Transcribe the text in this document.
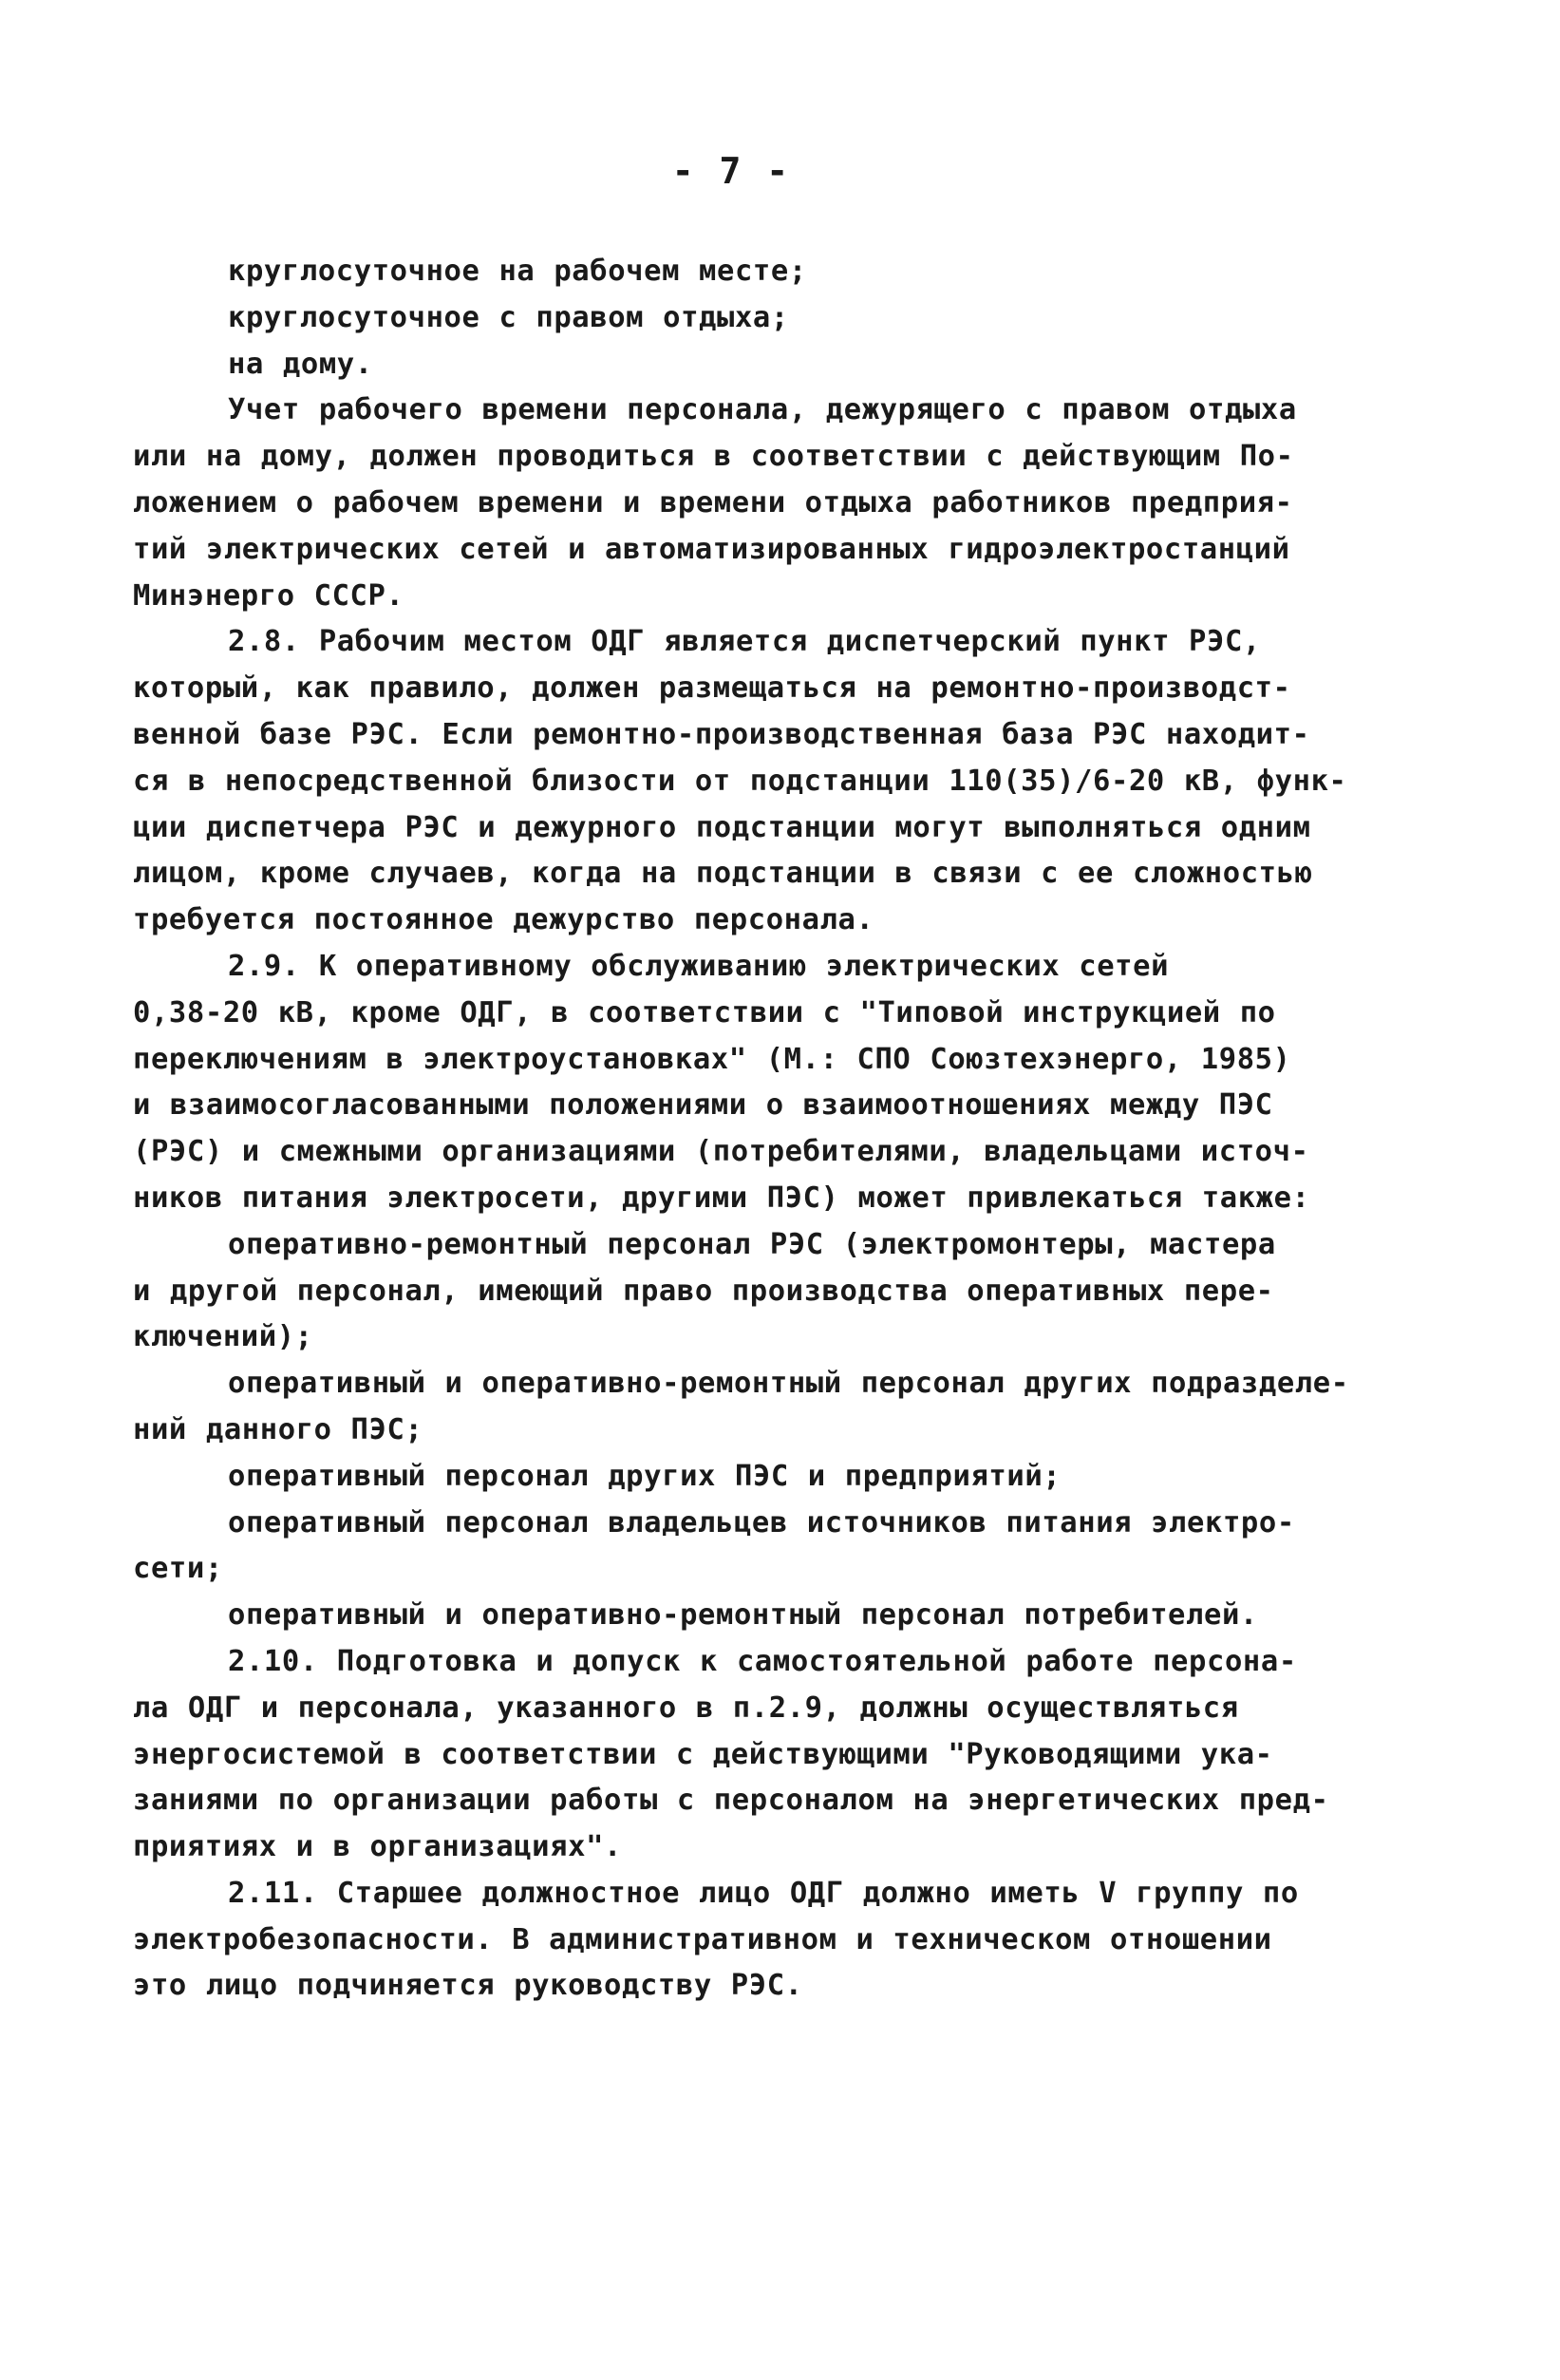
- 7 -
круглосуточное на рабочем месте;
круглосуточное с правом отдыха;
на дому.
Учет рабочего времени персонала, дежурящего с правом отдыха
или на дому, должен проводиться в соответствии с действующим По-
ложением о рабочем времени и времени отдыха работников предприя-
тий электрических сетей и автоматизированных гидроэлектростанций
Минэнерго СССР.
2.8. Рабочим местом ОДГ является диспетчерский пункт РЭС,
который, как правило, должен размещаться на ремонтно-производст-
венной базе РЭС. Если ремонтно-производственная база РЭС находит-
ся в непосредственной близости от подстанции 110(35)/6-20 кВ, функ-
ции диспетчера РЭС и дежурного подстанции могут выполняться одним
лицом, кроме случаев, когда на подстанции в связи с ее сложностью
требуется постоянное дежурство персонала.
2.9. К оперативному обслуживанию электрических сетей
0,38-20 кВ, кроме ОДГ, в соответствии с "Типовой инструкцией по
переключениям в электроустановках" (М.: СПО Союзтехэнерго, 1985)
и взаимосогласованными положениями о взаимоотношениях между ПЭС
(РЭС) и смежными организациями (потребителями, владельцами источ-
ников питания электросети, другими ПЭС) может привлекаться также:
оперативно-ремонтный персонал РЭС (электромонтеры, мастера
и другой персонал, имеющий право производства оперативных пере-
ключений);
оперативный и оперативно-ремонтный персонал других подразделе-
ний данного ПЭС;
оперативный персонал других ПЭС и предприятий;
оперативный персонал владельцев источников питания электро-
сети;
оперативный и оперативно-ремонтный персонал потребителей.
2.10. Подготовка и допуск к самостоятельной работе персона-
ла ОДГ и персонала, указанного в п.2.9, должны осуществляться
энергосистемой в соответствии с действующими "Руководящими ука-
заниями по организации работы с персоналом на энергетических пред-
приятиях и в организациях".
2.11. Старшее должностное лицо ОДГ должно иметь V группу по
электробезопасности. В административном и техническом отношении
это лицо подчиняется руководству РЭС.
